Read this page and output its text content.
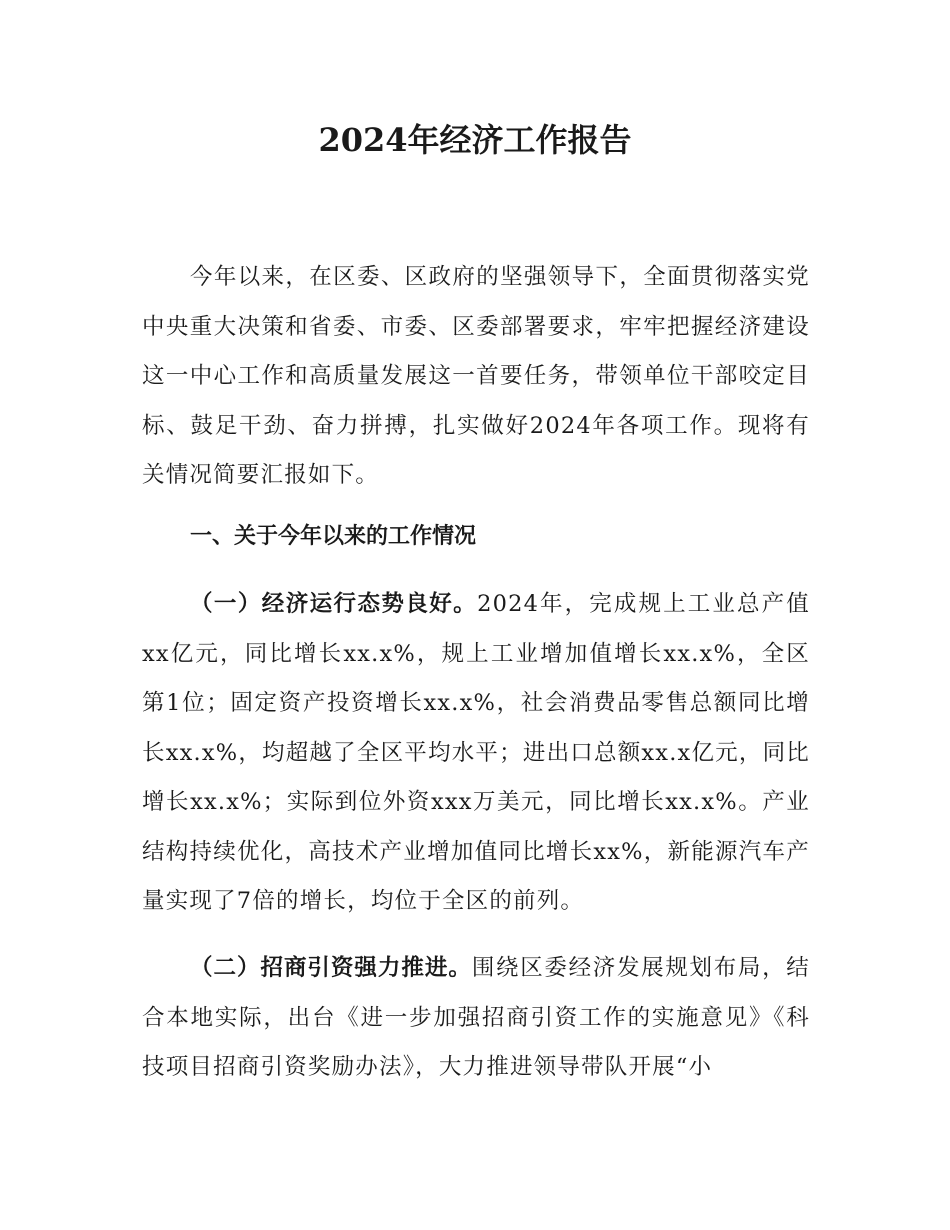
2024年经济工作报告

今年以来，在区委、区政府的坚强领导下，全面贯彻落实党中央重大决策和省委、市委、区委部署要求，牢牢把握经济建设这一中心工作和高质量发展这一首要任务，带领单位干部咬定目标、鼓足干劲、奋力拼搏，扎实做好2024年各项工作。现将有关情况简要汇报如下。

一、关于今年以来的工作情况

（一）经济运行态势良好。2024年，完成规上工业总产值xx亿元，同比增长xx.x%，规上工业增加值增长xx.x%，全区第1位；固定资产投资增长xx.x%，社会消费品零售总额同比增长xx.x%，均超越了全区平均水平；进出口总额xx.x亿元，同比增长xx.x%；实际到位外资xxx万美元，同比增长xx.x%。产业结构持续优化，高技术产业增加值同比增长xx%，新能源汽车产量实现了7倍的增长，均位于全区的前列。

（二）招商引资强力推进。围绕区委经济发展规划布局，结合本地实际，出台《进一步加强招商引资工作的实施意见》《科技项目招商引资奖励办法》，大力推进领导带队开展“小
